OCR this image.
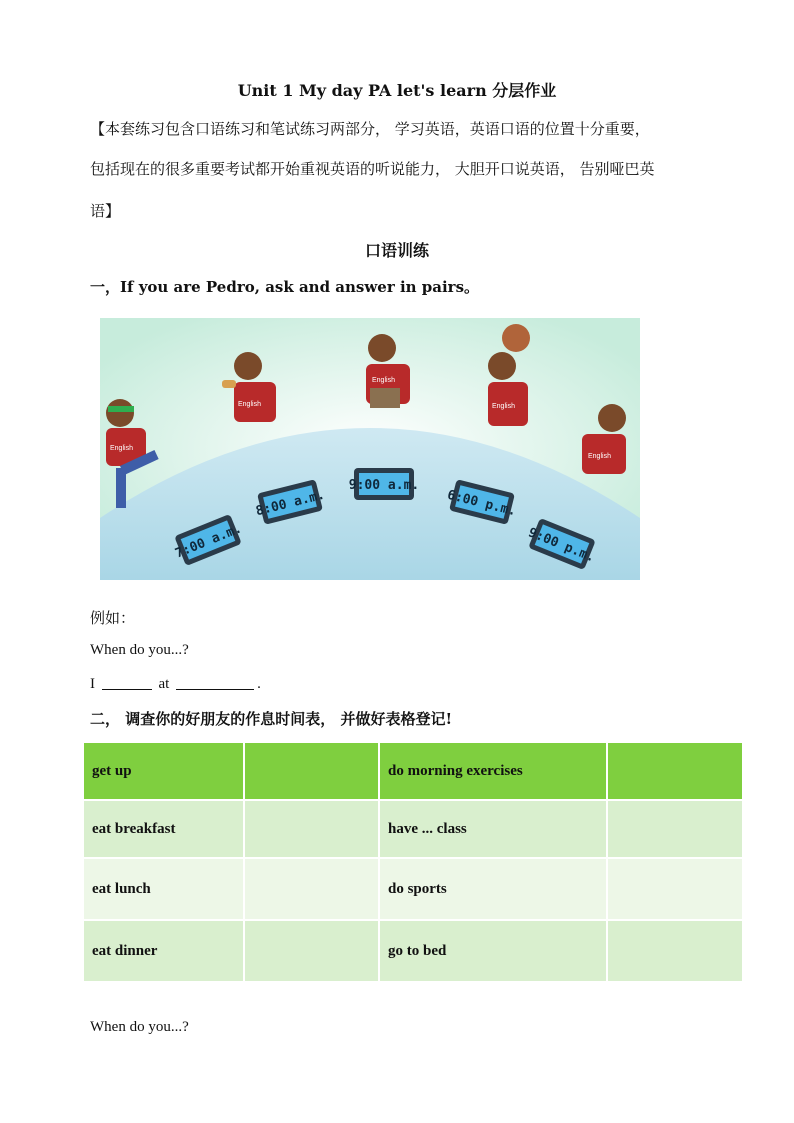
Unit 1 My day PA let's learn 分层作业
【本套练习包含口语练习和笔试练习两部分， 学习英语，英语口语的位置十分重要，
包括现在的很多重要考试都开始重视英语的听说能力， 大胆开口说英语， 告别哑巴英
语】
口语训练
一，If you are Pedro, ask and answer in pairs。
English
English
English
English
English
7:00 a.m.
8:00 a.m.
9:00 a.m.
6:00 p.m.
9:00 p.m.
例如：
When do you...?
I	at	.
二， 调查你的好朋友的作息时间表， 并做好表格登记!
get up		do morning exercises	
eat breakfast		have ... class	
eat lunch		do sports	
eat dinner		go to bed	
When do you...?
